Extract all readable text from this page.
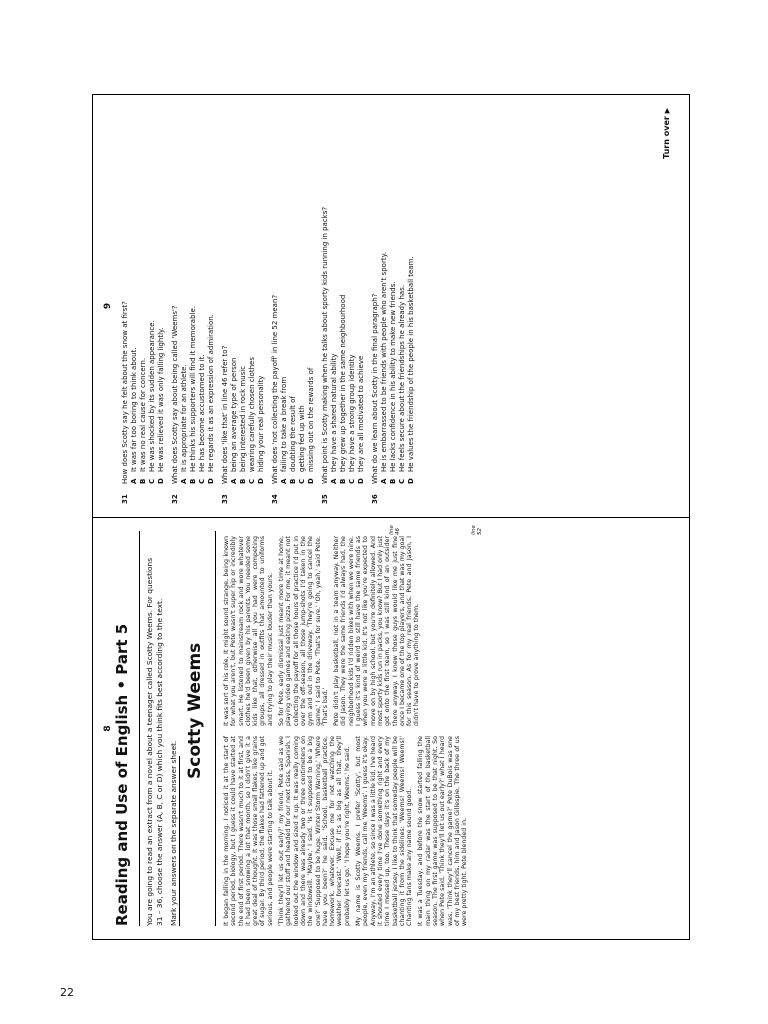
22
8 Reading and Use of English • Part 5 You are going to read an extract from a novel about a teenager called Scotty Weems. For questions 31 – 36, choose the answer (A, B, C or D) which you think fits best according to the text. Mark your answers on the separate answer sheet.
Scotty Weems

It began falling in the morning. I noticed it at the start of second period, biology, but I guess it could have started at the end of first period. There wasn't much to it at first, and it had been snowing a lot that month, so I didn't give it a great deal of thought. It was those small flakes, like grains of sugar. By third period, the flakes had fattened up and got serious, and people were starting to talk about it. 'Think they'll let us out early?' my friend, Pete said as we gathered our stuff and headed for our next class, Spanish. I looked out the window and sized it up. It was really coming down and there was already two or three centimeters on the windowsill. 'Maybe,' I said. 'Is it supposed to be a big one?' 'Supposed to be huge. Winter Storm Warning,' 'Where have you been?' he said. 'School, basketball practice, homework, whatever. Excuse me for not watching the weather forecast.' 'Well, if it's as big as all that, they'll probably let us go.' 'I hope you're right, Weems,' he said. My name is Scotty Weems. I prefer 'Scotty', but most people, even my friends, call me 'Weems'. I guess it's okay. Anyway, I'm an athlete, so since I was a little kid, I've heard it shouted every time I've done something right and every time I messed up, too. These days it's on the back of my basketball jersey. I like to think that someday people will be chanting it from the sidelines: 'Weems! Weems! Weems!' Chanting fans make any name sound good. It was a Tuesday, and before the snow started falling the main thing on my radar was the start of the basketball season. The first game was supposed to be that night. So when Pete said, 'Think they'll let us out early?' what I heard was, 'Think they'll cancel the game?' Pete DuBois was one of my best friends, him and Jason Gillespie. The three of us were pretty tight. Pete blended in.

It was sort of his role. It might sound strange, being known for what you aren't, but Pete wasn't super hip or incredibly smart. He listened to mainstream rock and wore whatever clothes he'd been given by his parents. You needed some kids like that, otherwise all you had were competing groups, all dressed in outfits that amounted to uniforms and trying to play their music louder than yours. So for Pete, early dismissal just meant more time at home, playing video games and eating pizza. For me, it meant not collecting the payoff for all those hours of practice I'd put in over the off-season, all those jump-shots I'd taken in the gym and out in the driveway. 'They're going to cancel the game,' I said to Pete. 'That's for sure.' 'Oh, yeah,' said Pete. 'That's bad.' Pete didn't play basketball, not in a team anyway. Neither did Jason. They were the same friends I'd always had, the neighborhood kids I'd ridden bikes with when we were nine. I guess it's kind of weird to still have the same friends as when you were a little kid. It's not like you're expected to move on by high school, but you're definitely allowed. And most sporty kids run in packs, you know? But I had only just got onto the first team, so I was still kind of an outsider there anyway. I knew those guys would like me just fine once I became one of the top players, and that was my goal for this season. As for my real friends, Pete and Jason, I didn't have to prove anything to them.

line 46	line 52
9
31
How does Scotty say he felt about the snow at first? A
It was far too boring to think about.
B
It was no real cause for concern.
C
He was shocked by its sudden appearance.
D
He was relieved it was only falling lightly.
32
What does Scotty say about being called 'Weems'? A
It is appropriate for an athlete.
B
He thinks his supporters will find it memorable.
C
He has become accustomed to it.
D
He regards it as an expression of admiration.
33
What does 'like that' in line 46 refer to? A
being an average type of person
B
being interested in rock music
C
wearing carefully chosen clothes
D
hiding your real personality
34
What does 'not collecting the payoff' in line 52 mean? A
failing to take a break from
B
doubting the result of
C
getting fed up with
D
missing out on the rewards of
35
What point is Scotty making when he talks about sporty kids running in packs? A
they have a shared natural ability
B
they grew up together in the same neighbourhood
C
they have a strong group identity
D
they are all motivated to achieve
36
What do we learn about Scotty in the final paragraph? A
He is embarrassed to be friends with people who aren't sporty.
B
He lacks confidence in his ability to make new friends.
C
He feels secure about the friendships he already has.
D
He values the friendship of the people in his basketball team.
Turn over ▶
